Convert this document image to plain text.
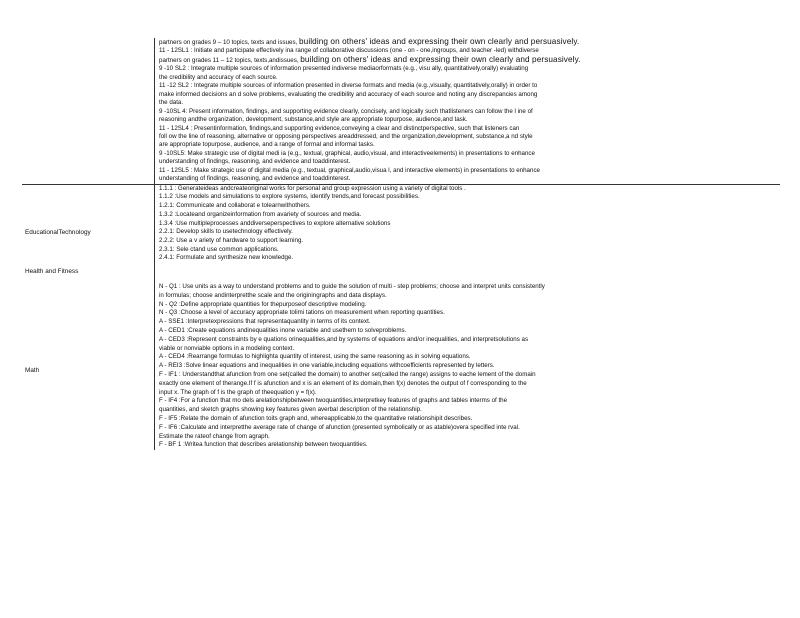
partners on grades 9 – 10 topics, texts and issues, building on others' ideas and expressing their own clearly and persuasively.
11 - 12SL1 : Initiate and participate effectively ina range of collaborative discussions (one - on - one,ingroups, and teacher -led) withdiverse
partners on grades 11 – 12 topics, texts,andissues, building on others' ideas and expressing their own clearly and persuasively.
9 -10 SL2 : Integrate multiple sources of information presented indiverse mediaorformats (e.g., visu ally, quantitatively,orally) evaluating
the credibility and accuracy of each source.
11 -12 SL2 : Integrate multiple sources of information presented in diverse formats and media (e.g.,visually, quantitatively,orally) in order to
make informed decisions an d solve problems, evaluating the credibility and accuracy of each source and noting any discrepancies among
the data.
9 -10SL 4: Present information, findings, and supporting evidence clearly, concisely, and logically such thatlisteners can follow the l ine of
reasoning andthe organization, development, substance,and style are appropriate topurpose, audience,and task.
11 - 12SL4 : Presentinformation, findings,and supporting evidence,conveying a clear and distinctperspective, such that listeners can
foll ow the line of reasoning, alternative or opposing perspectives areaddressed, and the organization,development, substance,a nd style
are appropriate topurpose, audience, and a range of formal and informal tasks.
9 -10SL5: Make strategic use of digital medi ia (e.g., textual, graphical, audio,visual, and interactiveelements) in presentations to enhance
understanding of findings, reasoning, and evidence and toaddinterest.
11 - 12SL5 : Make strategic use of digital media (e.g., textual, graphical,audio,visua l, and interactive elements) in presentations to enhance
understanding of findings, reasoning, and evidence and toaddinterest.
EducationalTechnology
1.1.1 : Generateideas andcreateoriginal works for personal and group expression using a variety of digital tools .
1.1.2 :Use models and simulations to explore systems, identify trends,and forecast possibilities.
1.2.1: Communicate and collaborat e tolearnwithothers.
1.3.2 :Locateand organizeinformation from avariety of sources and media.
1.3.4 :Use multipleprocesses anddiverseperspectives to explore alternative solutions
2.2.1: Develop skills to usetechnology effectively.
2.2.2: Use a v ariety of hardware to support learning.
2.3.1: Sele ctand use common applications.
2.4.1: Formulate and synthesize new knowledge.
Health and Fitness
Math
N - Q1 : Use units as a way to understand problems and to guide the solution of multi - step problems; choose and interpret units consistently
in formulas; choose andinterpretthe scale and the originingraphs and data displays.
N - Q2 :Define appropriate quantities for thepurposeof descriptive modeling.
N - Q3 :Choose a level of accuracy appropriate tolimi tations on measurement when reporting quantities.
A - SSE1 :Interpretexpressions that representaquantity in terms of its context.
A - CED1 :Create equations andinequalities inone variable and usethem to solveproblems.
A - CED3 :Represent constraints by e quations orinequalities,and by systems of equations and/or inequalities, and interpretsolutions as
viable or nonviable options in a modeling context.
A - CED4 :Rearrange formulas to highlighta quantity of interest, using the same reasoning as in solving equations.
A - REI3 :Solve linear equations and inequalities in one variable,including equations withcoefficients represented by letters.
F - IF1 : Understandthat afunction from one set(called the domain) to another set(called the range) assigns to eache lement of the domain
exactly one element of therange.If f is afunction and x is an element of its domain,then f(x) denotes the output of f corresponding to the
input x. The graph of f is the graph of theequation y = f(x).
F - IF4 :For a function that mo dels arelationshipbetween twoquantities,interpretkey features of graphs and tables interms of the
quantities, and sketch graphs showing key features given averbal description of the relationship.
F - IF5 :Relate the domain of afunction toits graph and, whereapplicable,to the quantitative relationshipit describes.
F - IF6 :Calculate and interpretthe average rate of change of afunction (presented symbolically or as atable)overa specified inte rval.
Estimate the rateof change from agraph.
F - BF 1 :Writea function that describes arelationship between twoquantities.
